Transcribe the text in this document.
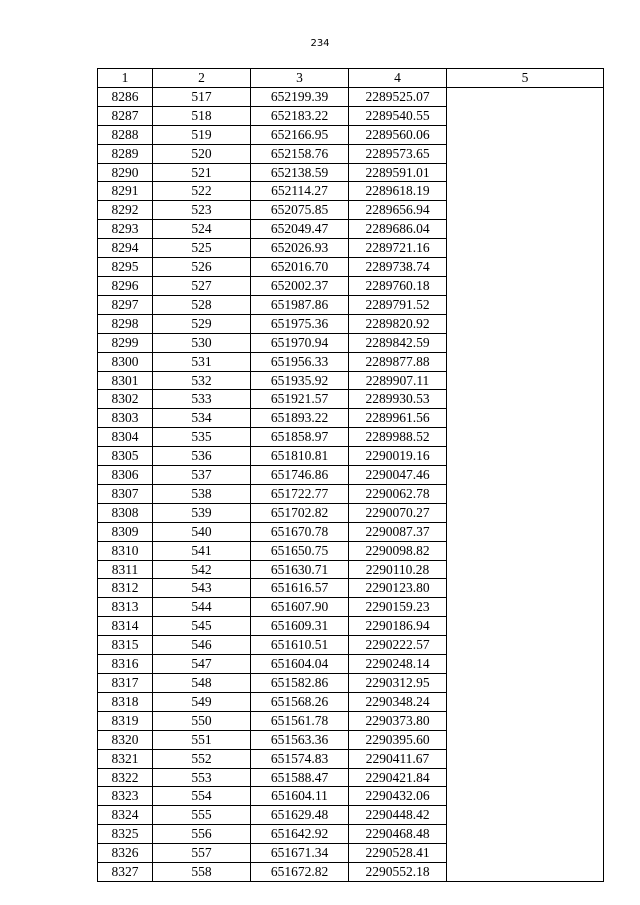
234
1	2	3	4	5
8286	517	652199.39	2289525.07	
8287	518	652183.22	2289540.55	
8288	519	652166.95	2289560.06	
8289	520	652158.76	2289573.65	
8290	521	652138.59	2289591.01	
8291	522	652114.27	2289618.19	
8292	523	652075.85	2289656.94	
8293	524	652049.47	2289686.04	
8294	525	652026.93	2289721.16	
8295	526	652016.70	2289738.74	
8296	527	652002.37	2289760.18	
8297	528	651987.86	2289791.52	
8298	529	651975.36	2289820.92	
8299	530	651970.94	2289842.59	
8300	531	651956.33	2289877.88	
8301	532	651935.92	2289907.11	
8302	533	651921.57	2289930.53	
8303	534	651893.22	2289961.56	
8304	535	651858.97	2289988.52	
8305	536	651810.81	2290019.16	
8306	537	651746.86	2290047.46	
8307	538	651722.77	2290062.78	
8308	539	651702.82	2290070.27	
8309	540	651670.78	2290087.37	
8310	541	651650.75	2290098.82	
8311	542	651630.71	2290110.28	
8312	543	651616.57	2290123.80	
8313	544	651607.90	2290159.23	
8314	545	651609.31	2290186.94	
8315	546	651610.51	2290222.57	
8316	547	651604.04	2290248.14	
8317	548	651582.86	2290312.95	
8318	549	651568.26	2290348.24	
8319	550	651561.78	2290373.80	
8320	551	651563.36	2290395.60	
8321	552	651574.83	2290411.67	
8322	553	651588.47	2290421.84	
8323	554	651604.11	2290432.06	
8324	555	651629.48	2290448.42	
8325	556	651642.92	2290468.48	
8326	557	651671.34	2290528.41	
8327	558	651672.82	2290552.18	
